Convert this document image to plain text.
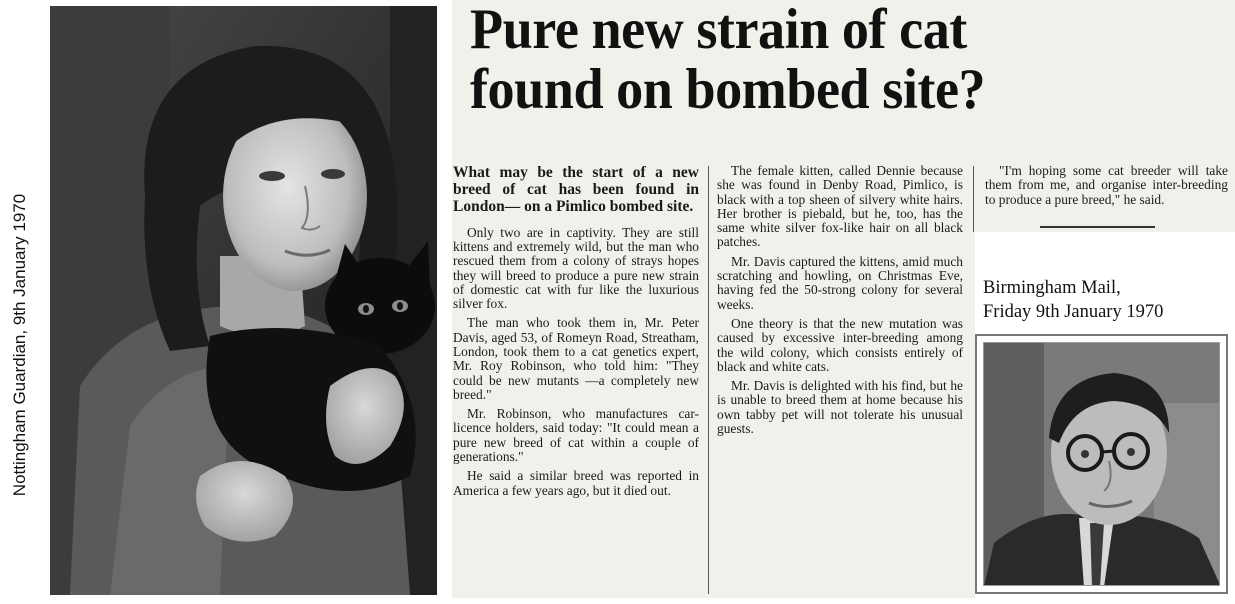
Nottingham Guardian, 9th January 1970
Pure new strain of cat
found on bombed site?

What may be the start of a new breed of cat has been found in London— on a Pimlico bombed site.

Only two are in captivity. They are still kittens and extremely wild, but the man who rescued them from a colony of strays hopes they will breed to produce a pure new strain of domestic cat with fur like the luxurious silver fox.

The man who took them in, Mr. Peter Davis, aged 53, of Romeyn Road, Streatham, London, took them to a cat genetics expert, Mr. Roy Robinson, who told him: "They could be new mutants —a completely new breed."

Mr. Robinson, who manufactures car-licence holders, said today: "It could mean a pure new breed of cat within a couple of generations."

He said a similar breed was reported in America a few years ago, but it died out.

The female kitten, called Dennie because she was found in Denby Road, Pimlico, is black with a top sheen of silvery white hairs. Her brother is piebald, but he, too, has the same white silver fox-like hair on all black patches.

Mr. Davis captured the kittens, amid much scratching and howling, on Christmas Eve, having fed the 50-strong colony for several weeks.

One theory is that the new mutation was caused by excessive inter-breeding among the wild colony, which consists entirely of black and white cats.

Mr. Davis is delighted with his find, but he is unable to breed them at home because his own tabby pet will not tolerate his unusual guests.

"I'm hoping some cat breeder will take them from me, and organise inter-breeding to produce a pure breed," he said.

Birmingham Mail,
Friday 9th January 1970
